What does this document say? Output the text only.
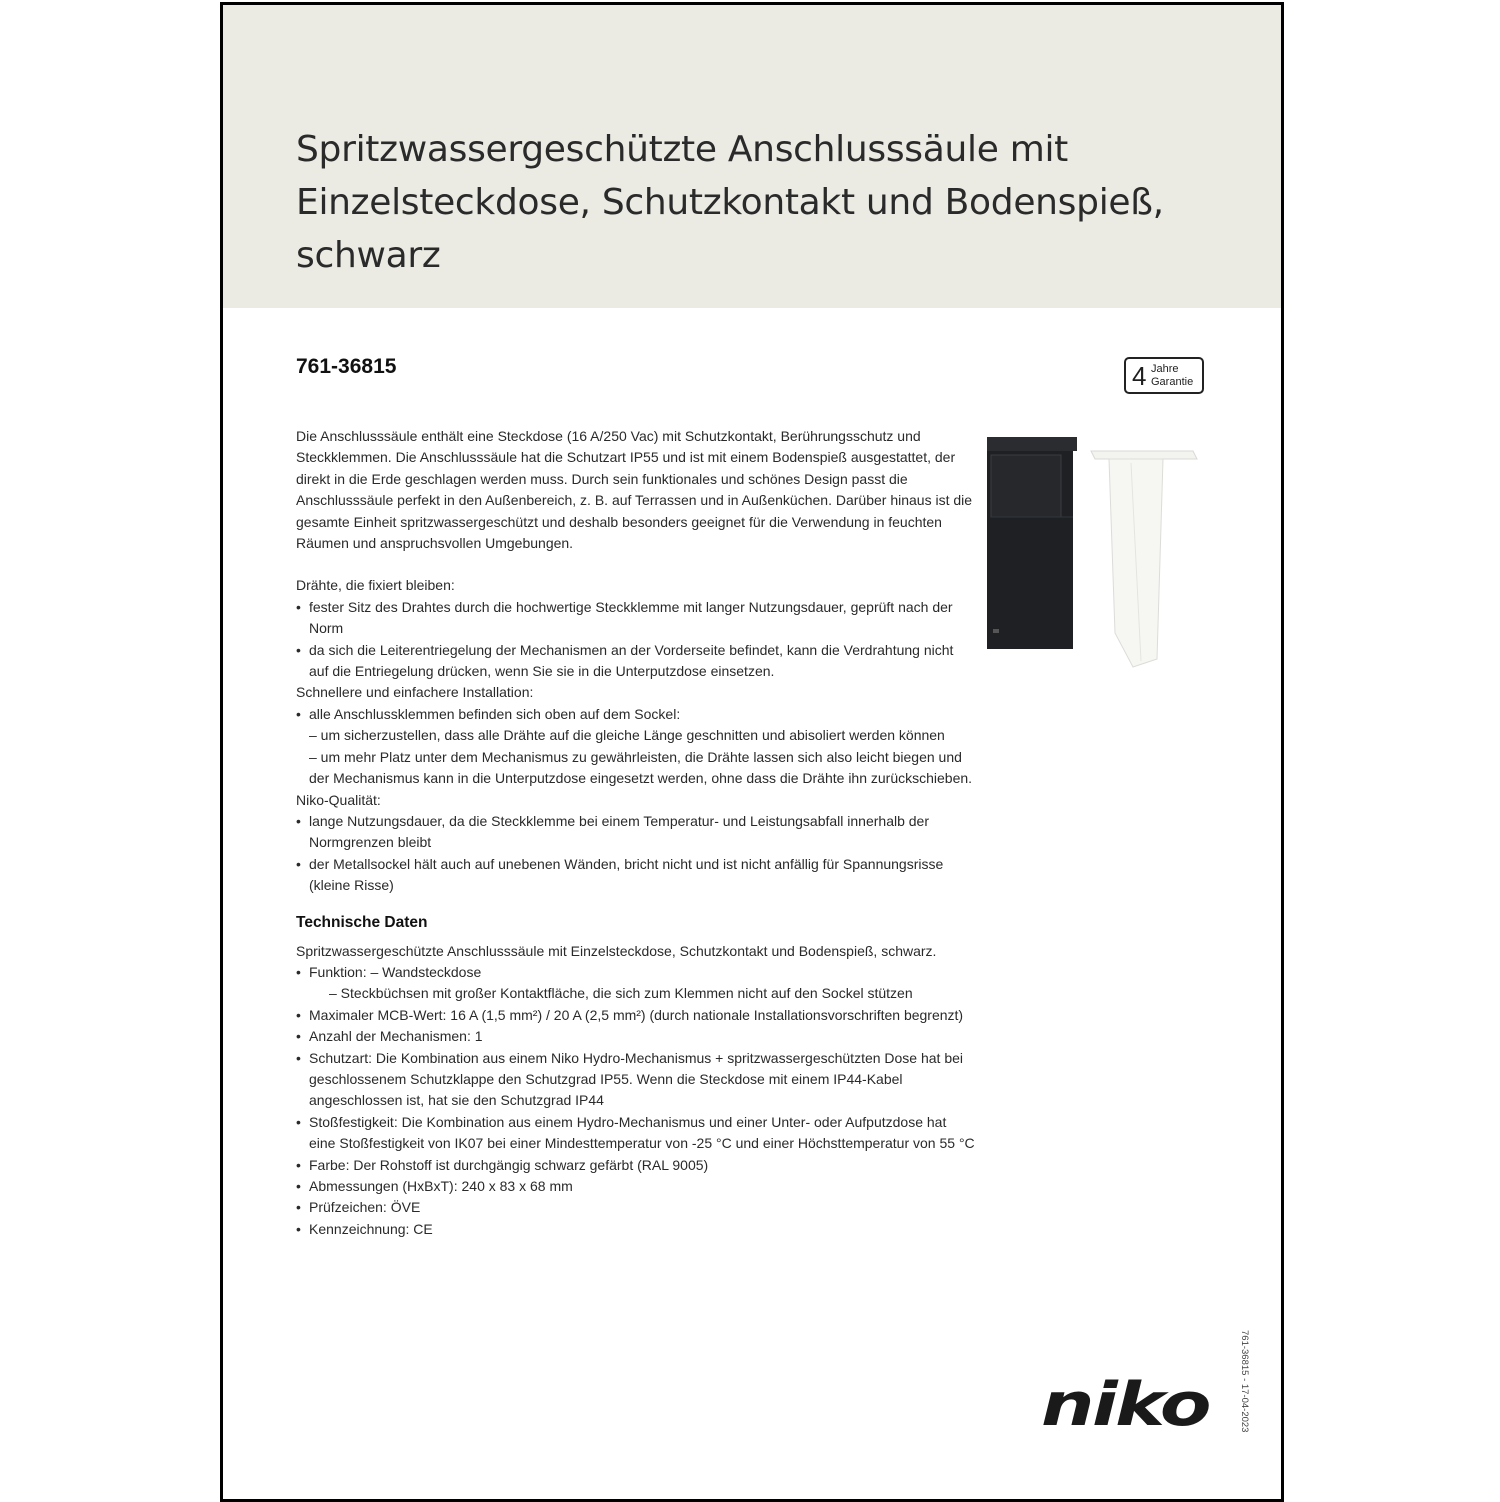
Spritzwassergeschützte Anschlusssäule mit Einzelsteckdose, Schutzkontakt und Bodenspieß, schwarz
761-36815	4 Jahre
Garantie

Die Anschlusssäule enthält eine Steckdose (16 A/250 Vac) mit Schutzkontakt, Berührungsschutz und Steckklemmen. Die Anschlusssäule hat die Schutzart IP55 und ist mit einem Bodenspieß ausgestattet, der direkt in die Erde geschlagen werden muss. Durch sein funktionales und schönes Design passt die Anschlusssäule perfekt in den Außenbereich, z. B. auf Terrassen und in Außenküchen. Darüber hinaus ist die gesamte Einheit spritzwassergeschützt und deshalb besonders geeignet für die Verwendung in feuchten Räumen und anspruchsvollen Umgebungen.

Drähte, die fixiert bleiben:

• fester Sitz des Drahtes durch die hochwertige Steckklemme mit langer Nutzungsdauer, geprüft nach der Norm
• da sich die Leiterentriegelung der Mechanismen an der Vorderseite befindet, kann die Verdrahtung nicht auf die Entriegelung drücken, wenn Sie sie in die Unterputzdose einsetzen.

Schnellere und einfachere Installation:

• alle Anschlussklemmen befinden sich oben auf dem Sockel:
– um sicherzustellen, dass alle Drähte auf die gleiche Länge geschnitten und abisoliert werden können
– um mehr Platz unter dem Mechanismus zu gewährleisten, die Drähte lassen sich also leicht biegen und der Mechanismus kann in die Unterputzdose eingesetzt werden, ohne dass die Drähte ihn zurückschieben.

Niko-Qualität:

• lange Nutzungsdauer, da die Steckklemme bei einem Temperatur- und Leistungsabfall innerhalb der Normgrenzen bleibt
• der Metallsockel hält auch auf unebenen Wänden, bricht nicht und ist nicht anfällig für Spannungsrisse (kleine Risse)
Technische Daten

Spritzwassergeschützte Anschlusssäule mit Einzelsteckdose, Schutzkontakt und Bodenspieß, schwarz.

• Funktion: – Wandsteckdose
– Steckbüchsen mit großer Kontaktfläche, die sich zum Klemmen nicht auf den Sockel stützen
• Maximaler MCB-Wert: 16 A (1,5 mm²) / 20 A (2,5 mm²) (durch nationale Installationsvorschriften begrenzt)
• Anzahl der Mechanismen: 1
• Schutzart: Die Kombination aus einem Niko Hydro-Mechanismus + spritzwassergeschützten Dose hat bei geschlossenem Schutzklappe den Schutzgrad IP55. Wenn die Steckdose mit einem IP44-Kabel angeschlossen ist, hat sie den Schutzgrad IP44
• Stoßfestigkeit: Die Kombination aus einem Hydro-Mechanismus und einer Unter- oder Aufputzdose hat eine Stoßfestigkeit von IK07 bei einer Mindesttemperatur von -25 °C und einer Höchsttemperatur von 55 °C
• Farbe: Der Rohstoff ist durchgängig schwarz gefärbt (RAL 9005)
• Abmessungen (HxBxT): 240 x 83 x 68 mm
• Prüfzeichen: ÖVE
• Kennzeichnung: CE
niko	761-36815 - 17-04-2023
